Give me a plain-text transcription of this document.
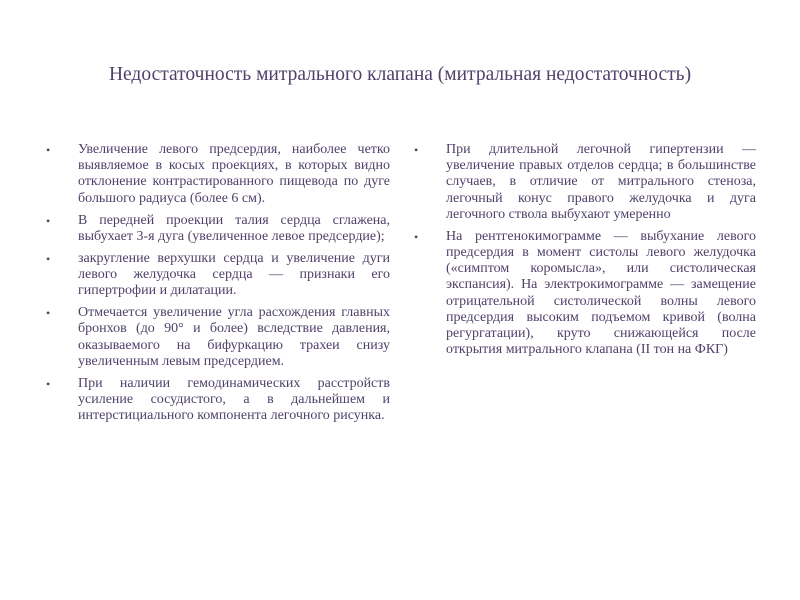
Недостаточность митрального клапана (митральная недостаточность)
• Увеличение левого предсердия, наиболее четко выявляемое в косых проекциях, в которых видно отклонение контрастированного пищевода по дуге большого радиуса (более 6 см).
• В передней проекции талия сердца сглажена, выбухает 3-я дуга (увеличенное левое предсердие);
• закругление верхушки сердца и увеличение дуги левого желудочка сердца — признаки его гипертрофии и дилатации.
• Отмечается увеличение угла расхождения главных бронхов (до 90° и более) вследствие давления, оказываемого на бифуркацию трахеи снизу увеличенным левым предсердием.
• При наличии гемодинамических расстройств усиление сосудистого, а в дальнейшем и интерстициального компонента легочного рисунка.
• При длительной легочной гипертензии — увеличение правых отделов сердца; в большинстве случаев, в отличие от митрального стеноза, легочный конус правого желудочка и дуга легочного ствола выбухают умеренно
• На рентгенокимограмме — выбухание левого предсердия в момент систолы левого желудочка («симптом коромысла», или систолическая экспансия). На электрокимограмме — замещение отрицательной систолической волны левого предсердия высоким подъемом кривой (волна регургатации), круто снижающейся после открытия митрального клапана (II тон на ФКГ)
